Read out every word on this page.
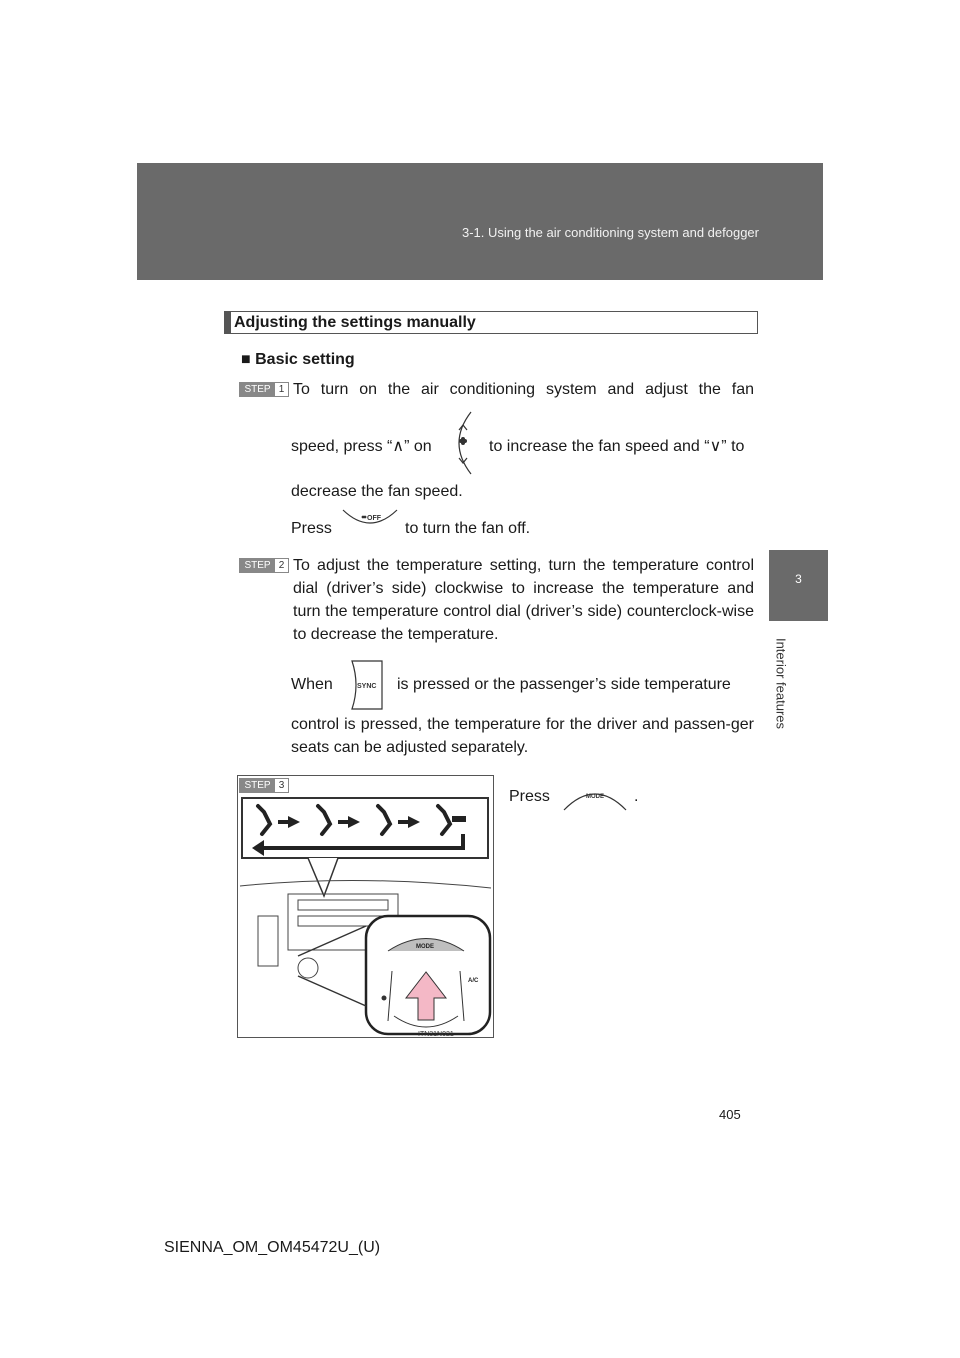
3-1. Using the air conditioning system and defogger
3
Interior features
Adjusting the settings manually
■ Basic setting
STEP 1 To turn on the air conditioning system and adjust the fan
speed, press “∧” on	to increase the fan speed and “∨” to
decrease the fan speed.
Press
OFF
to turn the fan off.
STEP 2 To adjust the temperature setting, turn the temperature control dial (driver’s side) clockwise to increase the temperature and turn the temperature control dial (driver’s side) counterclock-wise to decrease the temperature.
When	SYNC is pressed or the passenger’s side temperature
control is pressed, the temperature for the driver and passen-ger seats can be adjusted separately.
STEP 3
MODE
A/C
ITN31N021
Press	MODE .
405
SIENNA_OM_OM45472U_(U)
